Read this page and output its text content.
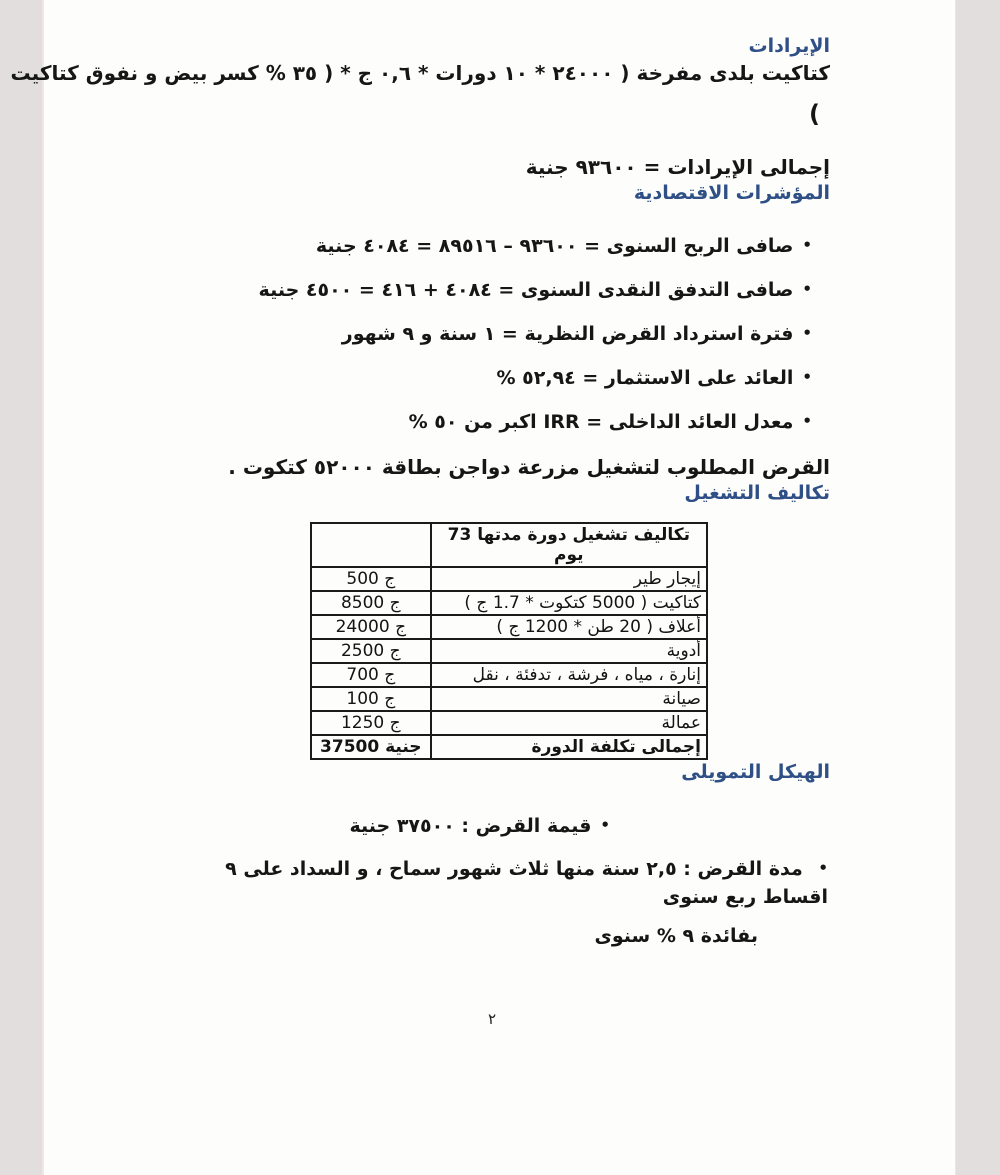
الإيرادات
كتاكيت بلدى مفرخة ( ٢٤٠٠٠ * ١٠ دورات * ٠,٦ ج * ( ٣٥ % كسر بيض و نفوق كتاكيت
(
إجمالى الإيرادات = ٩٣٦٠٠ جنية
المؤشرات الاقتصادية
• صافى الربح السنوى = ٩٣٦٠٠ – ٨٩٥١٦ = ٤٠٨٤ جنية
• صافى التدفق النقدى السنوى = ٤٠٨٤ + ٤١٦ = ٤٥٠٠ جنية
• فترة استرداد القرض النظرية = ١ سنة و ٩ شهور
• العائد على الاستثمار = ٥٢,٩٤ %
• معدل العائد الداخلى = IRR اكبر من ٥٠ %
القرض المطلوب لتشغيل مزرعة دواجن بطاقة ٥٢٠٠٠ كتكوت .
تكاليف التشغيل
تكاليف تشغيل دورة مدتها 73 يوم	
إيجار طير	500 ج
كتاكيت ( 5000 كتكوت * 1.7 ج )	8500 ج
أعلاف ( 20 طن * 1200 ج )	24000 ج
أدوية	2500 ج
إنارة ، مياه ، فرشة ، تدفئة ، نقل	700 ج
صيانة	100 ج
عمالة	1250 ج
إجمالى تكلفة الدورة	37500 جنية
الهيكل التمويلى
• قيمة القرض : ٣٧٥٠٠ جنية
• مدة القرض : ٢,٥ سنة منها ثلاث شهور سماح ، و السداد على ٩ اقساط ربع سنوى
بفائدة ٩ % سنوى
٢
